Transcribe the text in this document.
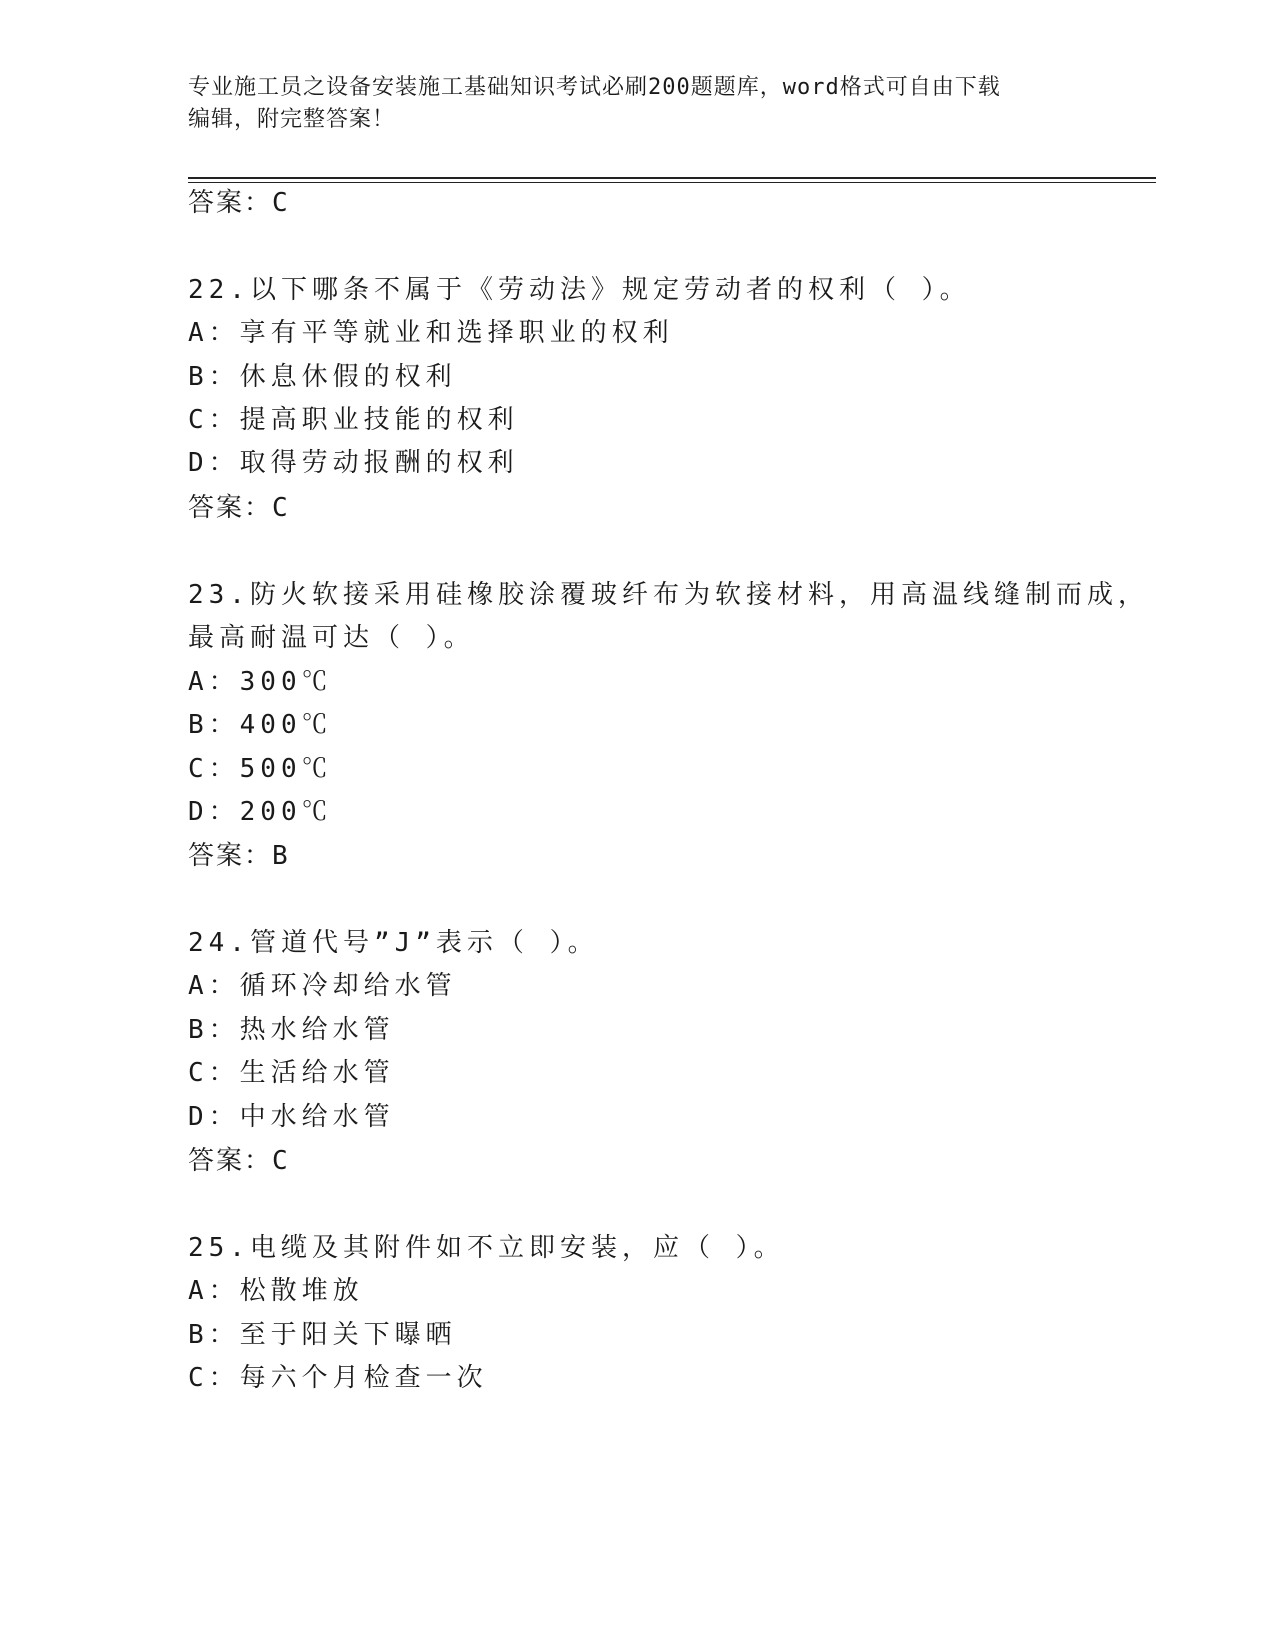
专业施工员之设备安装施工基础知识考试必刷200题题库，word格式可自由下载
编辑，附完整答案！
答案：C
22.以下哪条不属于《劳动法》规定劳动者的权利（ ）。
A：享有平等就业和选择职业的权利
B：休息休假的权利
C：提高职业技能的权利
D：取得劳动报酬的权利
答案：C
23.防火软接采用硅橡胶涂覆玻纤布为软接材料，用高温线缝制而成，
最高耐温可达（ ）。
A：300℃
B：400℃
C：500℃
D：200℃
答案：B
24.管道代号”J”表示（ ）。
A：循环冷却给水管
B：热水给水管
C：生活给水管
D：中水给水管
答案：C
25.电缆及其附件如不立即安装，应（ ）。
A：松散堆放
B：至于阳关下曝晒
C：每六个月检查一次
